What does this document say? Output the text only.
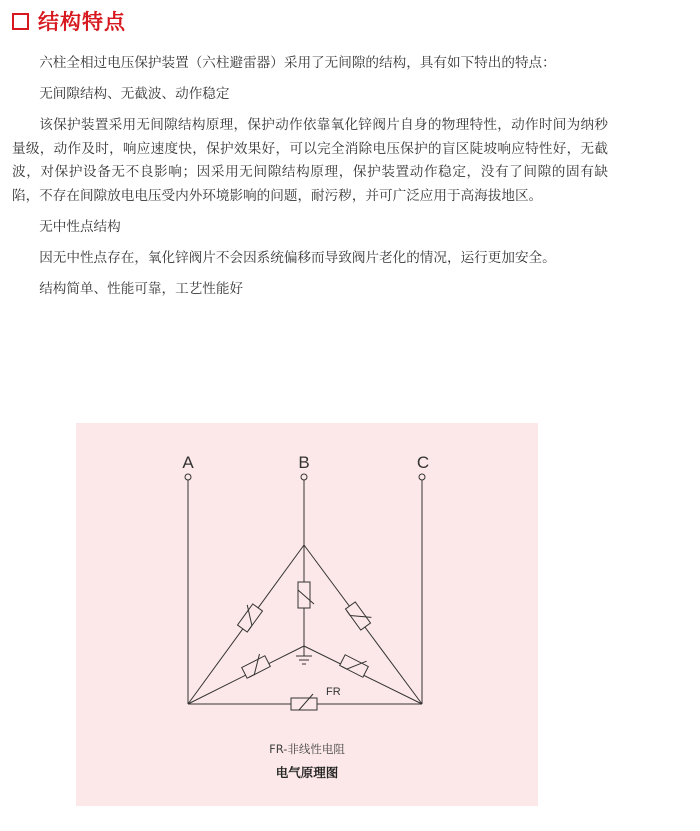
结构特点

六柱全相过电压保护装置（六柱避雷器）采用了无间隙的结构，具有如下特出的特点：

无间隙结构、无截波、动作稳定

该保护装置采用无间隙结构原理，保护动作依靠氧化锌阀片自身的物理特性，动作时间为纳秒量级，动作及时，响应速度快，保护效果好，可以完全消除电压保护的盲区陡坡响应特性好，无截波，对保护设备无不良影响；因采用无间隙结构原理，保护装置动作稳定，没有了间隙的固有缺陷，不存在间隙放电电压受内外环境影响的问题，耐污秽，并可广泛应用于高海拔地区。

无中性点结构

因无中性点存在，氧化锌阀片不会因系统偏移而导致阀片老化的情况，运行更加安全。

结构简单、性能可靠，工艺性能好

A	B	C
FR
FR-非线性电阻
电气原理图
